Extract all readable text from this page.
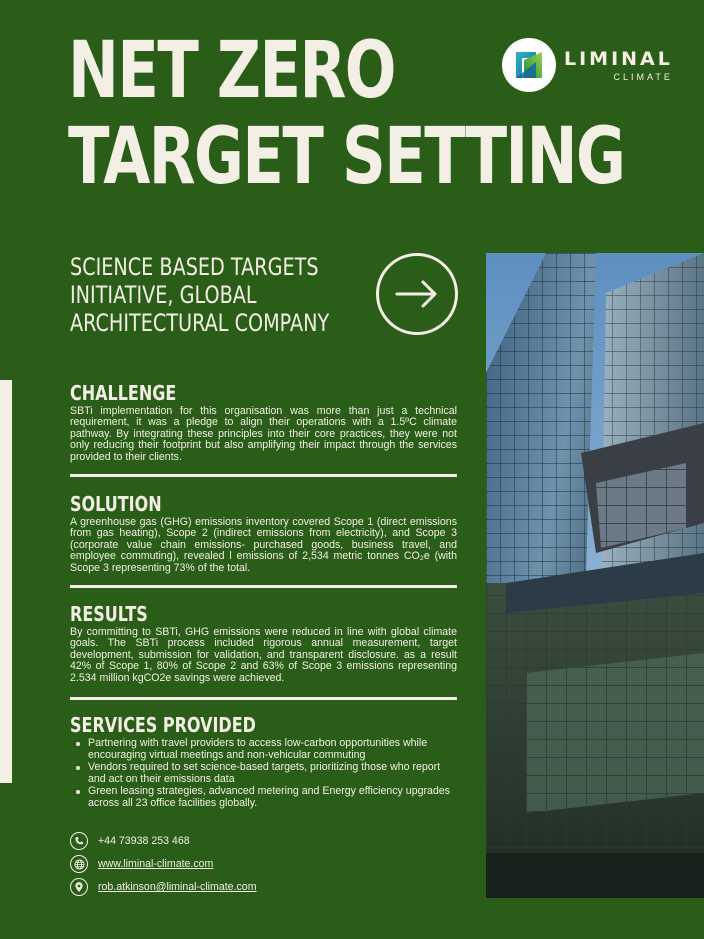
NET ZERO
TARGET SETTING
LIMINAL
CLIMATE
SCIENCE BASED TARGETS
INITIATIVE, GLOBAL
ARCHITECTURAL COMPANY
CHALLENGE

SBTi implementation for this organisation was more than just a technical requirement, it was a pledge to align their operations with a 1.5ºC climate pathway. By integrating these principles into their core practices, they were not only reducing their footprint but also amplifying their impact through the services provided to their clients.

SOLUTION

A greenhouse gas (GHG) emissions inventory covered Scope 1 (direct emissions from gas heating), Scope 2 (indirect emissions from electricity), and Scope 3 (corporate value chain emissions- purchased goods, business travel, and employee commuting), revealed l emissions of 2,534 metric tonnes CO₂e (with Scope 3 representing 73% of the total.

RESULTS

By committing to SBTi, GHG emissions were reduced in line with global climate goals. The SBTi process included rigorous annual measurement, target development, submission for validation, and transparent disclosure. as a result 42% of Scope 1, 80% of Scope 2 and 63% of Scope 3 emissions representing 2.534 million kgCO2e savings were achieved.

SERVICES PROVIDED
Partnering with travel providers to access low-carbon opportunities while encouraging virtual meetings and non-vehicular commuting
Vendors required to set science-based targets, prioritizing those who report and act on their emissions data
Green leasing strategies, advanced metering and Energy efficiency upgrades across all 23 office facilities globally.
+44 73938 253 468
www.liminal-climate.com
rob.atkinson@liminal-climate.com
